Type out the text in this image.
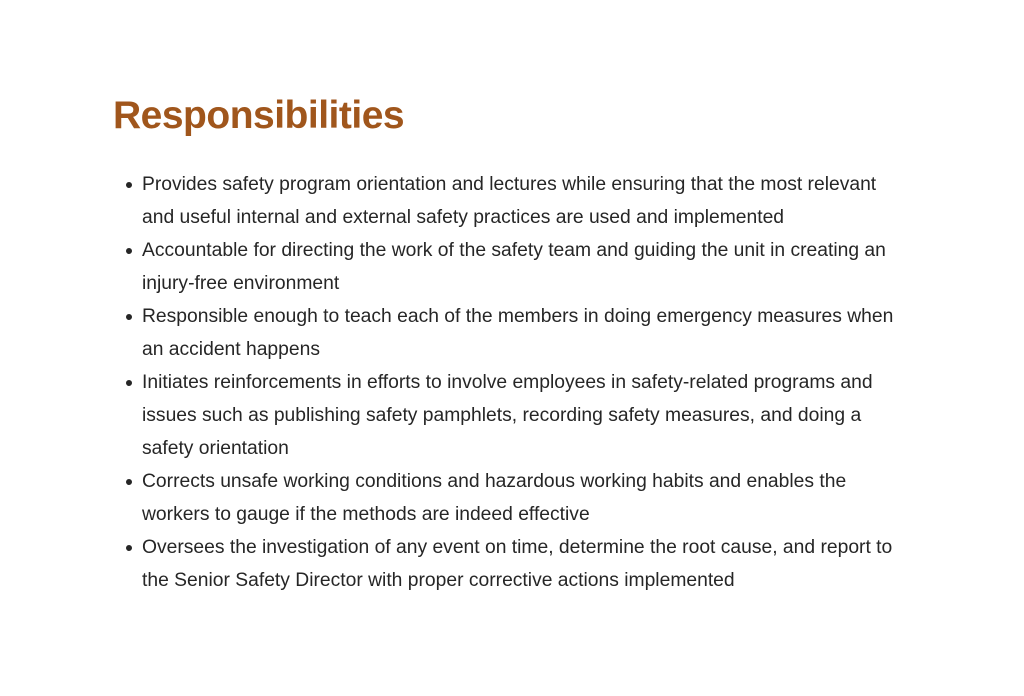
Responsibilities
Provides safety program orientation and lectures while ensuring that the most relevant and useful internal and external safety practices are used and implemented
Accountable for directing the work of the safety team and guiding the unit in creating an injury-free environment
Responsible enough to teach each of the members in doing emergency measures when an accident happens
Initiates reinforcements in efforts to involve employees in safety-related programs and issues such as publishing safety pamphlets, recording safety measures, and doing a safety orientation
Corrects unsafe working conditions and hazardous working habits and enables the workers to gauge if the methods are indeed effective
Oversees the investigation of any event on time, determine the root cause, and report to the Senior Safety Director with proper corrective actions implemented
